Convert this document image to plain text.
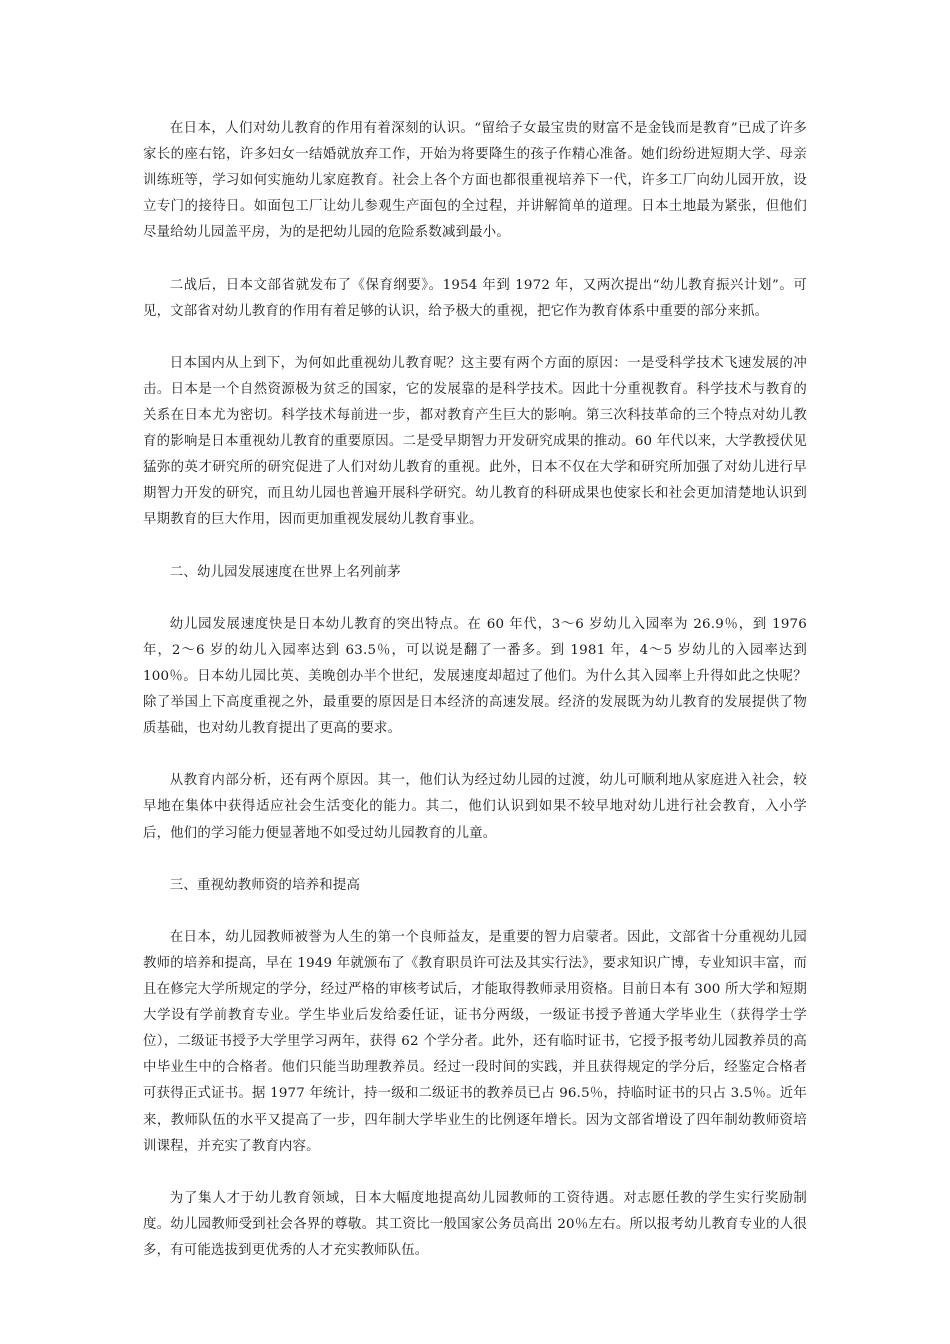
在日本，人们对幼儿教育的作用有着深刻的认识。“留给子女最宝贵的财富不是金钱而是教育”已成了许多家长的座右铭，许多妇女一结婚就放弃工作，开始为将要降生的孩子作精心准备。她们纷纷进短期大学、母亲训练班等，学习如何实施幼儿家庭教育。社会上各个方面也都很重视培养下一代，许多工厂向幼儿园开放，设立专门的接待日。如面包工厂让幼儿参观生产面包的全过程，并讲解简单的道理。日本土地最为紧张，但他们尽量给幼儿园盖平房，为的是把幼儿园的危险系数减到最小。

二战后，日本文部省就发布了《保育纲要》。1954 年到 1972 年，又两次提出“幼儿教育振兴计划”。可见，文部省对幼儿教育的作用有着足够的认识，给予极大的重视，把它作为教育体系中重要的部分来抓。

日本国内从上到下，为何如此重视幼儿教育呢？这主要有两个方面的原因：一是受科学技术飞速发展的冲击。日本是一个自然资源极为贫乏的国家，它的发展靠的是科学技术。因此十分重视教育。科学技术与教育的关系在日本尤为密切。科学技术每前进一步，都对教育产生巨大的影响。第三次科技革命的三个特点对幼儿教育的影响是日本重视幼儿教育的重要原因。二是受早期智力开发研究成果的推动。60 年代以来，大学教授伏见猛弥的英才研究所的研究促进了人们对幼儿教育的重视。此外，日本不仅在大学和研究所加强了对幼儿进行早期智力开发的研究，而且幼儿园也普遍开展科学研究。幼儿教育的科研成果也使家长和社会更加清楚地认识到早期教育的巨大作用，因而更加重视发展幼儿教育事业。

二、幼儿园发展速度在世界上名列前茅

幼儿园发展速度快是日本幼儿教育的突出特点。在 60 年代，3～6 岁幼儿入园率为 26.9％，到 1976 年，2～6 岁的幼儿入园率达到 63.5％，可以说是翻了一番多。到 1981 年，4～5 岁幼儿的入园率达到 100％。日本幼儿园比英、美晚创办半个世纪，发展速度却超过了他们。为什么其入园率上升得如此之快呢？除了举国上下高度重视之外，最重要的原因是日本经济的高速发展。经济的发展既为幼儿教育的发展提供了物质基础，也对幼儿教育提出了更高的要求。

从教育内部分析，还有两个原因。其一，他们认为经过幼儿园的过渡，幼儿可顺利地从家庭进入社会，较早地在集体中获得适应社会生活变化的能力。其二，他们认识到如果不较早地对幼儿进行社会教育，入小学后，他们的学习能力便显著地不如受过幼儿园教育的儿童。

三、重视幼教师资的培养和提高

在日本，幼儿园教师被誉为人生的第一个良师益友，是重要的智力启蒙者。因此，文部省十分重视幼儿园教师的培养和提高，早在 1949 年就颁布了《教育职员许可法及其实行法》，要求知识广博，专业知识丰富，而且在修完大学所规定的学分，经过严格的审核考试后，才能取得教师录用资格。目前日本有 300 所大学和短期大学设有学前教育专业。学生毕业后发给委任证，证书分两级，一级证书授予普通大学毕业生（获得学士学位），二级证书授予大学里学习两年，获得 62 个学分者。此外，还有临时证书，它授予报考幼儿园教养员的高中毕业生中的合格者。他们只能当助理教养员。经过一段时间的实践，并且获得规定的学分后，经鉴定合格者可获得正式证书。据 1977 年统计，持一级和二级证书的教养员已占 96.5％，持临时证书的只占 3.5％。近年来，教师队伍的水平又提高了一步，四年制大学毕业生的比例逐年增长。因为文部省增设了四年制幼教师资培训课程，并充实了教育内容。

为了集人才于幼儿教育领域，日本大幅度地提高幼儿园教师的工资待遇。对志愿任教的学生实行奖励制度。幼儿园教师受到社会各界的尊敬。其工资比一般国家公务员高出 20％左右。所以报考幼儿教育专业的人很多，有可能选拔到更优秀的人才充实教师队伍。
